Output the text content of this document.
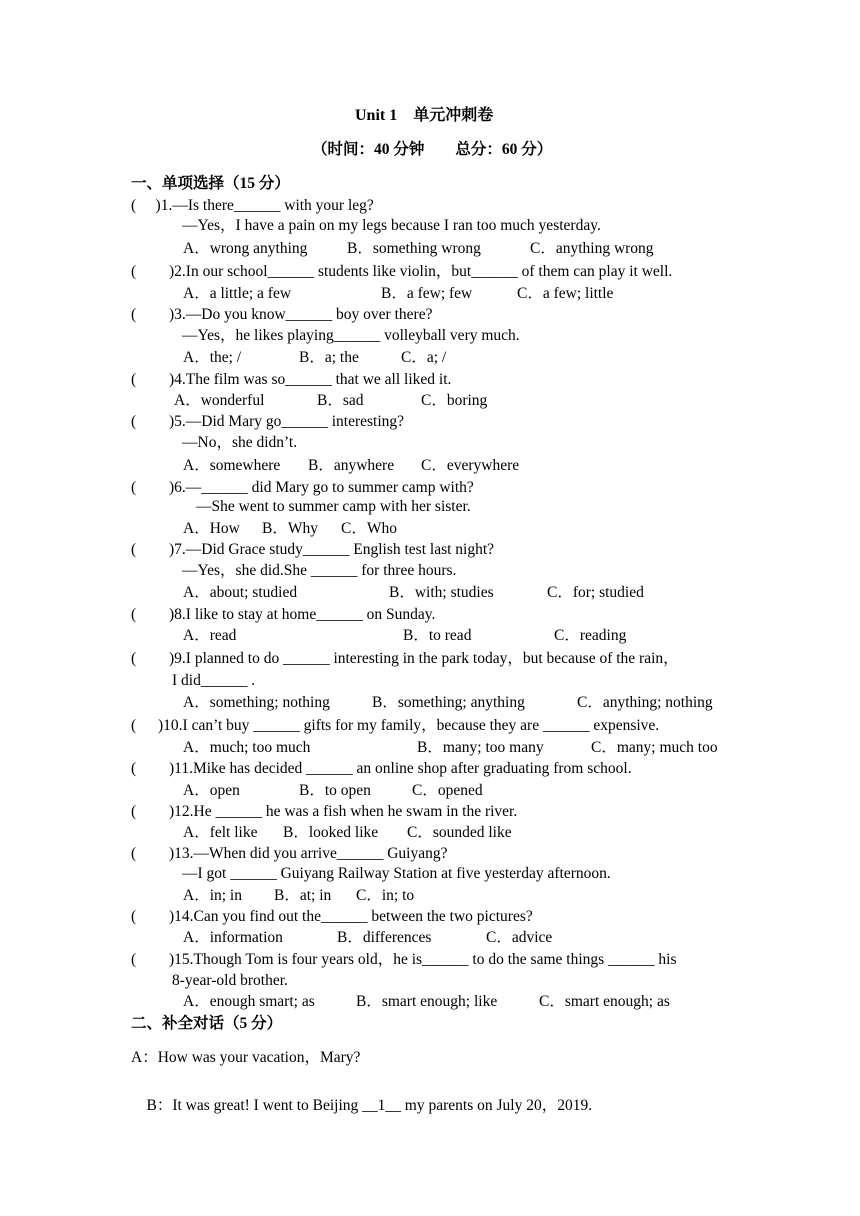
Unit 1　单元冲刺卷
（时间：40 分钟　　总分：60 分）
一、单项选择（15 分）
(　 )1.—Is there______ with your leg?
—Yes，I have a pain on my legs because I ran too much yesterday.
A．wrong anything	B．something wrong	C．anything wrong
( )2.In our school______ students like violin，but______ of them can play it well.
A．a little; a few	B．a few; few	C．a few; little
( )3.—Do you know______ boy over there?
—Yes，he likes playing______ volleyball very much.
A．the; /	B．a; the	C．a; /
( )4.The film was so______ that we all liked it.
A．wonderful	B．sad	C．boring
( )5.—Did Mary go______ interesting?
—No，she didn’t.
A．somewhere B．anywhere C．everywhere
( )6.—______ did Mary go to summer camp with?
—She went to summer camp with her sister.
A．How B．Why C．Who
( )7.—Did Grace study______ English test last night?
—Yes，she did.She ______ for three hours.
A．about; studied	B．with; studies	C．for; studied
( )8.I like to stay at home______ on Sunday.
A．read	B．to read	C．reading
( )9.I planned to do ______ interesting in the park today，but because of the rain，
I did______ .
A．something; nothing	B．something; anything	C．anything; nothing
( )10.I can’t buy ______ gifts for my family，because they are ______ expensive.
A．much; too much	B．many; too many	C．many; much too
( )11.Mike has decided ______ an online shop after graduating from school.
A．open	B．to open	C．opened
( )12.He ______ he was a fish when he swam in the river.
A．felt like B．looked like C．sounded like
( )13.—When did you arrive______ Guiyang?
—I got ______ Guiyang Railway Station at five yesterday afternoon.
A．in; in B．at; in C．in; to
( )14.Can you find out the______ between the two pictures?
A．information	B．differences	C．advice
( )15.Though Tom is four years old，he is______ to do the same things ______ his
8-year-old brother.
A．enough smart; as	B．smart enough; like	C．smart enough; as
二、补全对话（5 分）
A：How was your vacation，Mary?

B：It was great! I went to Beijing __1__ my parents on July 20，2019.
